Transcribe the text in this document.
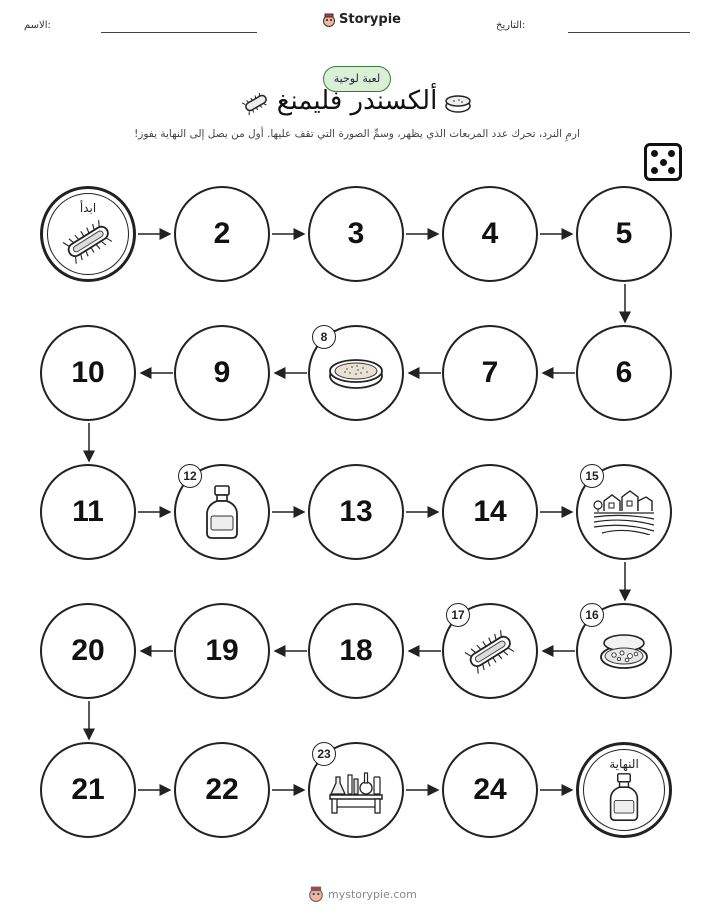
التاريخ:
Storypie
الاسم:
لعبة لوحية
ألكسندر فليمنغ
ارمِ النرد، تحرك عدد المربعات الذي يظهر، وسمِّ الصورة التي تقف عليها. أول من يصل إلى النهاية يفوز!
ابدأ
2	3	4	5
6
7
8
9
10
11
12
13	14
15
16
17
18
19
20
21	22
23
24
النهاية
mystorypie.com
